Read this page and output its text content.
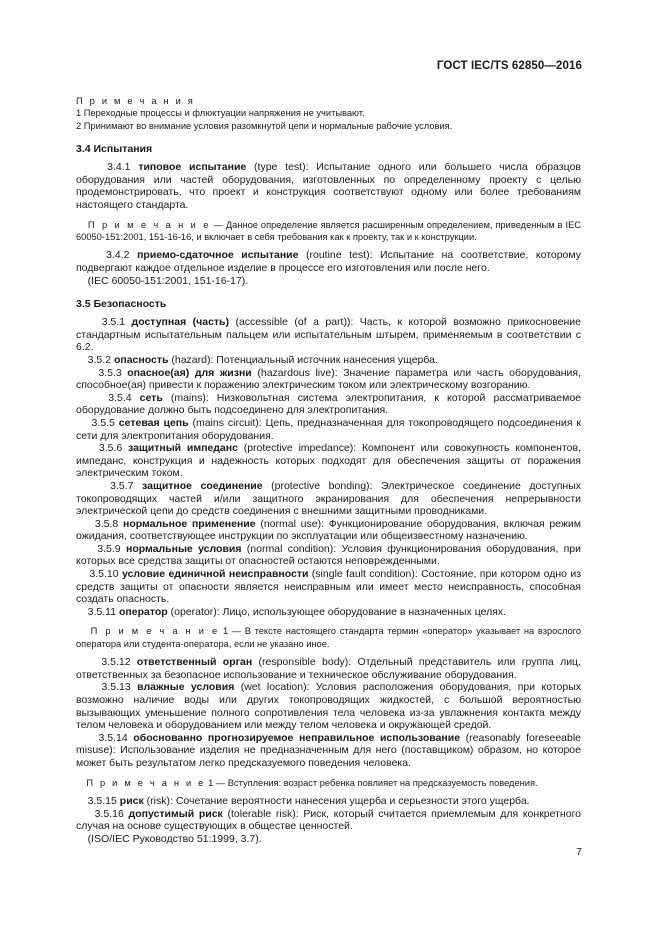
ГОСТ IEC/TS 62850—2016

П р и м е ч а н и я

1 Переходные процессы и флюктуации напряжения не учитывают.

2 Принимают во внимание условия разомкнутой цепи и нормальные рабочие условия.

3.4 Испытания

3.4.1 типовое испытание (type test): Испытание одного или большего числа образцов оборудования или частей оборудования, изготовленных по определенному проекту с целью продемонстрировать, что проект и конструкция соответствуют одному или более требованиям настоящего стандарта.

П р и м е ч а н и е — Данное определение является расширенным определением, приведенным в IEC 60050-151:2001, 151-16-16, и включает в себя требования как к проекту, так и к конструкции.

3.4.2 приемо-сдаточное испытание (routine test): Испытание на соответствие, которому подвергают каждое отдельное изделие в процессе его изготовления или после него.

(IEC 60050-151:2001, 151-16-17).

3.5 Безопасность

3.5.1 доступная (часть) (accessible (of a part)): Часть, к которой возможно прикосновение стандартным испытательным пальцем или испытательным штырем, применяемым в соответствии с 6.2.

3.5.2 опасность (hazard): Потенциальный источник нанесения ущерба.

3.5.3 опасное(ая) для жизни (hazardous live): Значение параметра или часть оборудования, способное(ая) привести к поражению электрическим током или электрическому возгоранию.

3.5.4 сеть (mains): Низковольтная система электропитания, к которой рассматриваемое оборудование должно быть подсоединено для электропитания.

3.5.5 сетевая цепь (mains circuit): Цепь, предназначенная для токопроводящего подсоединения к сети для электропитания оборудования.

3.5.6 защитный импеданс (protective impedance): Компонент или совокупность компонентов, импеданс, конструкция и надежность которых подходят для обеспечения защиты от поражения электрическим током.

3.5.7 защитное соединение (protective bonding): Электрическое соединение доступных токопроводящих частей и/или защитного экранирования для обеспечения непрерывности электрической цепи до средств соединения с внешними защитными проводниками.

3.5.8 нормальное применение (normal use): Функционирование оборудования, включая режим ожидания, соответствующее инструкции по эксплуатации или общеизвестному назначению.

3.5.9 нормальные условия (normal condition): Условия функционирования оборудования, при которых все средства защиты от опасностей остаются неповрежденными.

3.5.10 условие единичной неисправности (single fault condition): Состояние, при котором одно из средств защиты от опасности является неисправным или имеет место неисправность, способная создать опасность.

3.5.11 оператор (operator): Лицо, использующее оборудование в назначенных целях.

П р и м е ч а н и е 1 — В тексте настоящего стандарта термин «оператор» указывает на взрослого оператора или студента-оператора, если не указано иное.

3.5.12 ответственный орган (responsible body): Отдельный представитель или группа лиц, ответственных за безопасное использование и техническое обслуживание оборудования.

3.5.13 влажные условия (wet location): Условия расположения оборудования, при которых возможно наличие воды или других токопроводящих жидкостей, с большой вероятностью вызывающих уменьшение полного сопротивления тела человека из-за увлажнения контакта между телом человека и оборудованием или между телом человека и окружающей средой.

3.5.14 обоснованно прогнозируемое неправильное использование (reasonably foreseeable misuse): Использование изделия не предназначенным для него (поставщиком) образом, но которое может быть результатом легко предсказуемого поведения человека.

П р и м е ч а н и е 1 — Вступления: возраст ребенка повлияет на предсказуемость поведения.

3.5.15 риск (risk): Сочетание вероятности нанесения ущерба и серьезности этого ущерба.

3.5.16 допустимый риск (tolerable risk): Риск, который считается приемлемым для конкретного случая на основе существующих в обществе ценностей.

(ISO/IEC Руководство 51:1999, 3.7).

7
